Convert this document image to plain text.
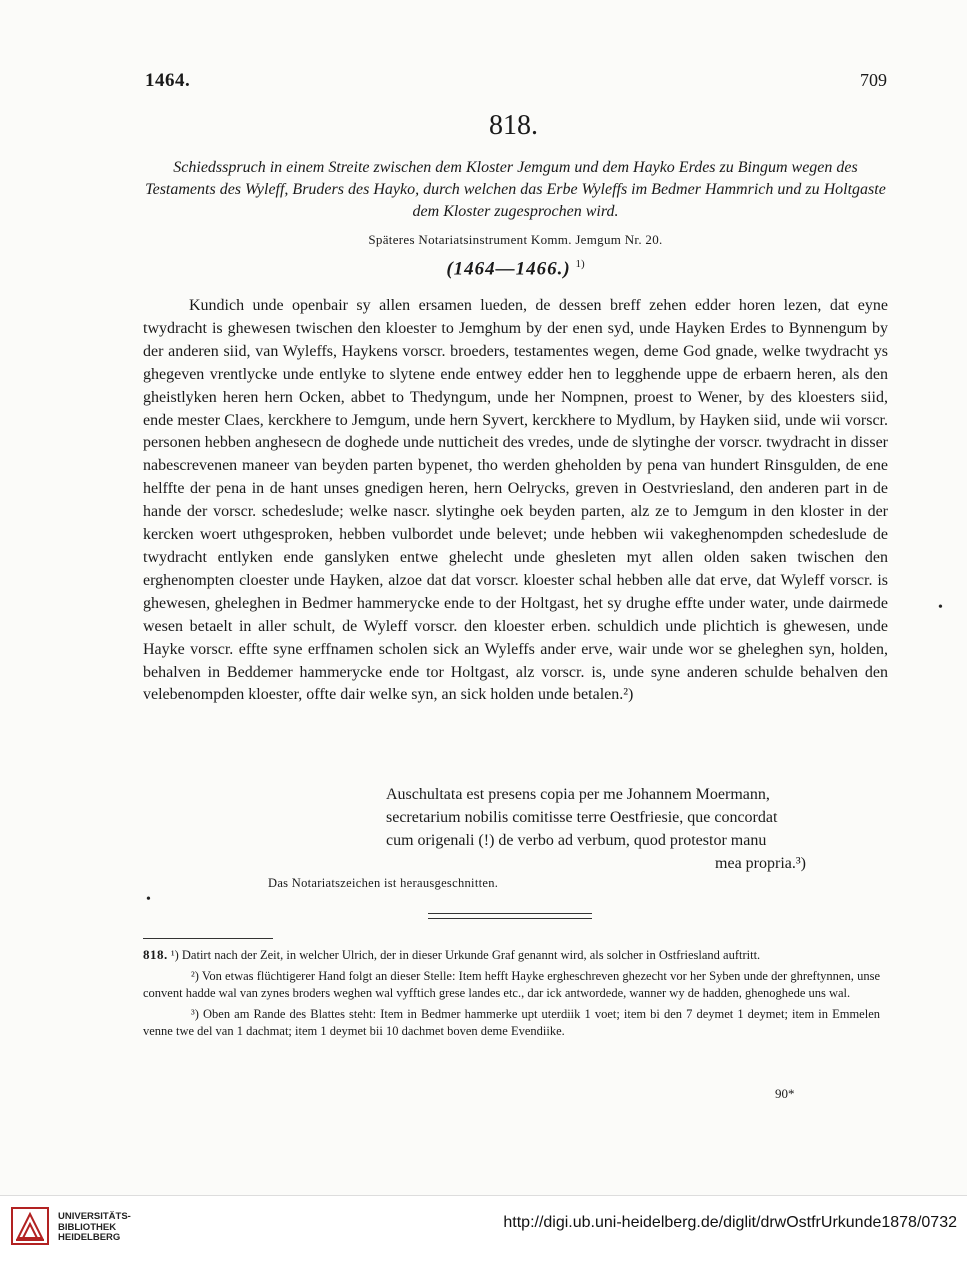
1464.	709
818.

Schiedsspruch in einem Streite zwischen dem Kloster Jemgum und dem Hayko Erdes zu Bingum wegen des Testaments des Wyleff, Bruders des Hayko, durch welchen das Erbe Wyleffs im Bedmer Hammrich und zu Holtgaste dem Kloster zugesprochen wird.

Späteres Notariatsinstrument Komm. Jemgum Nr. 20.
(1464—1466.) $^{1)}$

Kundich unde openbair sy allen ersamen lueden, de dessen breff zehen edder horen lezen, dat eyne twydracht is ghewesen twischen den kloester to Jemghum by der enen syd, unde Hayken Erdes to Bynnengum by der anderen siid, van Wyleffs, Haykens vorscr. broeders, testamentes wegen, deme God gnade, welke twydracht ys ghegeven vrentlycke unde entlyke to slytene ende entwey edder hen to legghende uppe de erbaern heren, als den gheistlyken heren hern Ocken, abbet to Thedyngum, unde her Nompnen, proest to Wener, by des kloesters siid, ende mester Claes, kerckhere to Jemgum, unde hern Syvert, kerckhere to Mydlum, by Hayken siid, unde wii vorscr. personen hebben anghesecn de doghede unde nutticheit des vredes, unde de slytinghe der vorscr. twydracht in disser nabescrevenen maneer van beyden parten bypenet, tho werden gheholden by pena van hundert Rinsgulden, de ene helffte der pena in de hant unses gnedigen heren, hern Oelrycks, greven in Oestvriesland, den anderen part in de hande der vorscr. schedeslude; welke nascr. slytinghe oek beyden parten, alz ze to Jemgum in den kloster in der kercken woert uthgesproken, hebben vulbordet unde belevet; unde hebben wii vakeghenompden schedeslude de twydracht entlyken ende ganslyken entwe ghelecht unde ghesleten myt allen olden saken twischen den erghenompten cloester unde Hayken, alzoe dat dat vorscr. kloester schal hebben alle dat erve, dat Wyleff vorscr. is ghewesen, gheleghen in Bedmer hammerycke ende to der Holtgast, het sy drughe effte under water, unde dairmede wesen betaelt in aller schult, de Wyleff vorscr. den kloester erben. schuldich unde plichtich is ghewesen, unde Hayke vorscr. effte syne erffnamen scholen sick an Wyleffs ander erve, wair unde wor se gheleghen syn, holden, behalven in Beddemer hammerycke ende tor Holtgast, alz vorscr. is, unde syne anderen schulde behalven den velebenompden kloester, offte dair welke syn, an sick holden unde betalen.²)

Auschultata est presens copia per me Johannem Moermann,
secretarium nobilis comitisse terre Oestfriesie, que concordat
cum origenali (!) de verbo ad verbum, quod protestor manu
mea propria.³)
Das Notariatszeichen ist herausgeschnitten.
•
•

818. ¹) Datirt nach der Zeit, in welcher Ulrich, der in dieser Urkunde Graf genannt wird, als solcher in Ostfriesland auftritt.

²) Von etwas flüchtigerer Hand folgt an dieser Stelle: Item hefft Hayke ergheschreven ghezecht vor her Syben unde der ghreftynnen, unse convent hadde wal van zynes broders weghen wal vyfftich grese landes etc., dar ick antwordede, wanner wy de hadden, ghenoghede uns wal.

³) Oben am Rande des Blattes steht: Item in Bedmer hammerke upt uterdiik 1 voet; item bi den 7 deymet 1 deymet; item in Emmelen venne twe del van 1 dachmat; item 1 deymet bii 10 dachmet boven deme Evendiike.

90*
UNIVERSITÄTS-
BIBLIOTHEK
HEIDELBERG
http://digi.ub.uni-heidelberg.de/diglit/drwOstfrUrkunde1878/0732
